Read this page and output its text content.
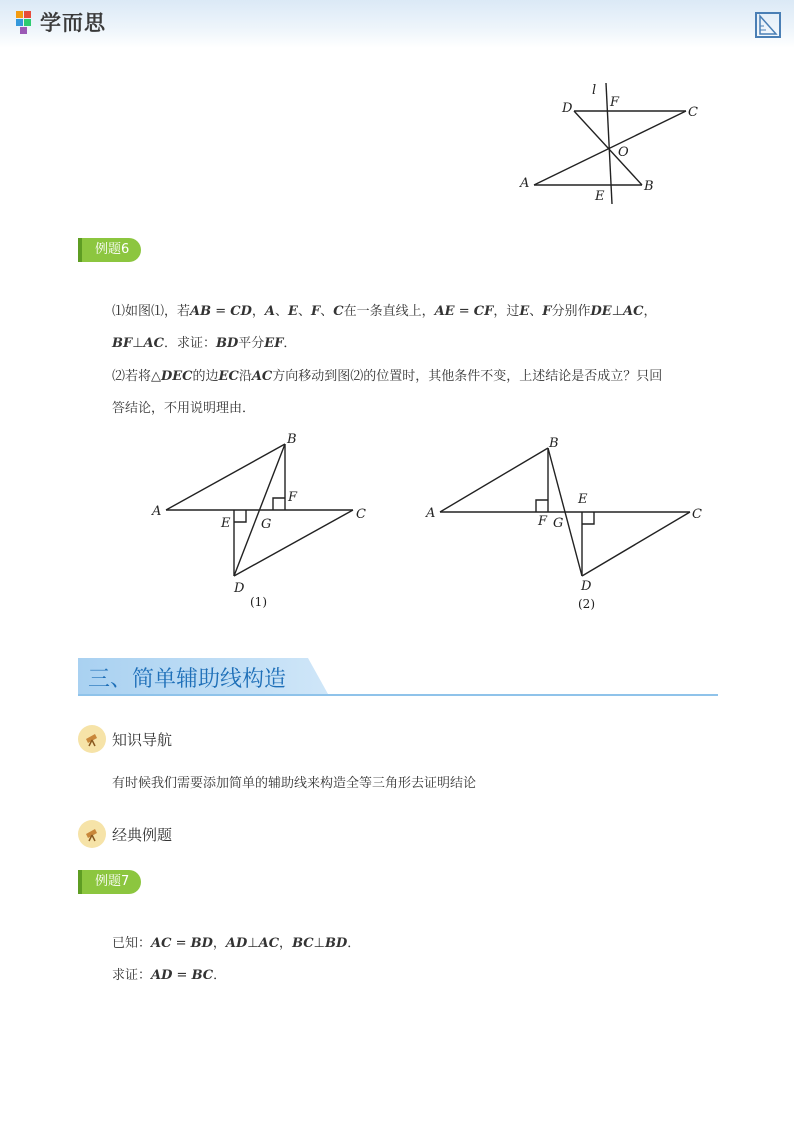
学而思
l
F
D	C
O
A	B
E
例题6
⑴如图⑴，若AB = CD，A、E、F、C在一条直线上，AE = CF，过E、F分别作DE⊥AC，
BF⊥AC．求证：BD平分EF．
⑵若将△DEC的边EC沿AC方向移动到图⑵的位置时，其他条件不变，上述结论是否成立？只回
答结论，不用说明理由．
B
F
A
E G
C
D
(1)
B
E
A
F G
C
D
(2)
三、简单辅助线构造
知识导航
有时候我们需要添加简单的辅助线来构造全等三角形去证明结论
经典例题
例题7
已知：AC = BD，AD⊥AC，BC⊥BD．
求证：AD = BC．
